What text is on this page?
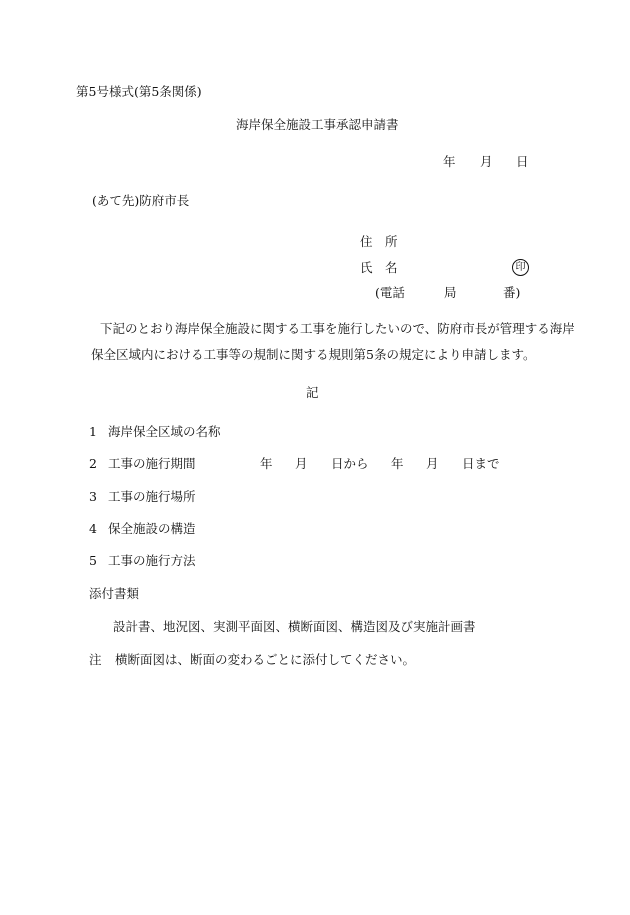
第5号様式(第5条関係)
海岸保全施設工事承認申請書
年 月 日
(あて先)防府市長
住　所
氏　名	印
(電話	局	番)
下記のとおり海岸保全施設に関する工事を施行したいので、防府市長が管理する海岸
保全区域内における工事等の規制に関する規則第5条の規定により申請します。
記
1 海岸保全区域の名称
2 工事の施行期間	年 月 日から 年 月 日まで
3 工事の施行場所
4 保全施設の構造
5 工事の施行方法
添付書類
設計書、地況図、実測平面図、横断面図、構造図及び実施計画書
注 横断面図は、断面の変わるごとに添付してください。
